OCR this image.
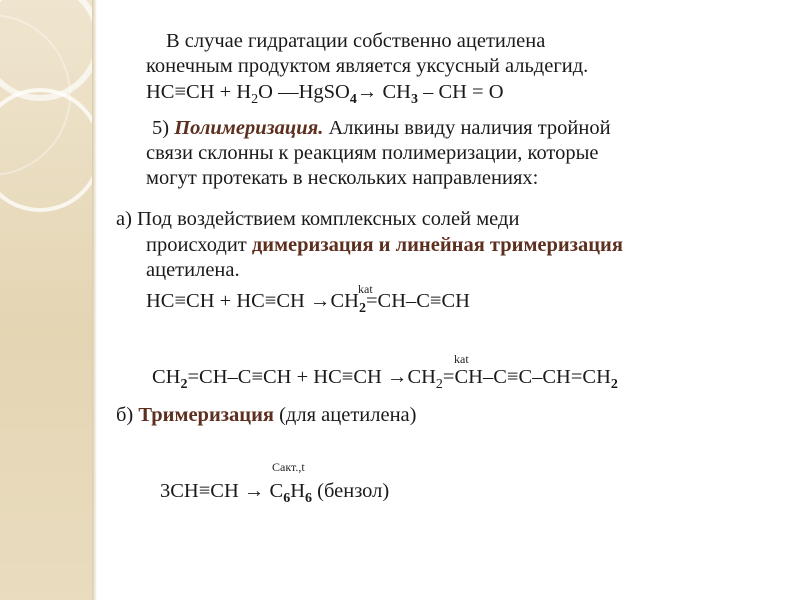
В случае гидратации собственно ацетилена
конечным продуктом является уксусный альдегид.
$HC\equiv CH + H_2O$ —HgSO$_4$→ $CH_3$ – CH = O
5) Полимеризация. Алкины ввиду наличия тройной
связи склонны к реакциям полимеризации, которые
могут протекать в нескольких направлениях:
а) Под воздействием комплексных солей меди
происходит димеризация и линейная тримеризация
ацетилена.
kat
$HC\equiv CH + HC\equiv CH \to CH_2=CH-C\equiv CH$
kat
$CH_2=CH-C\equiv CH + HC\equiv CH \to CH_2=CH-C\equiv C-CH=CH_2$
б) Тримеризация (для ацетилена)
Cакт.,t
$3CH\equiv CH \to C_6H_6$ (бензол)
